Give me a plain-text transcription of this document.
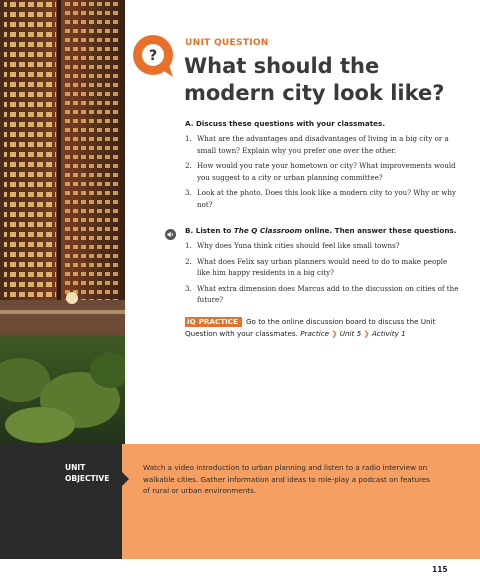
?
UNIT QUESTION
What should the modern city look like?
A. Discuss these questions with your classmates.
1. What are the advantages and disadvantages of living in a big city or a small town? Explain why you prefer one over the other.
2. How would you rate your hometown or city? What improvements would you suggest to a city or urban planning committee?
3. Look at the photo. Does this look like a modern city to you? Why or why not?
B. Listen to The Q Classroom online. Then answer these questions.
1. Why does Yuna think cities should feel like small towns?
2. What does Felix say urban planners would need to do to make people like him happy residents in a big city?
3. What extra dimension does Marcus add to the discussion on cities of the future?
iQ PRACTICE Go to the online discussion board to discuss the Unit Question with your classmates. Practice ❯ Unit 5 ❯ Activity 1
UNIT OBJECTIVE
Watch a video introduction to urban planning and listen to a radio interview on walkable cities. Gather information and ideas to role-play a podcast on features of rural or urban environments.
115
